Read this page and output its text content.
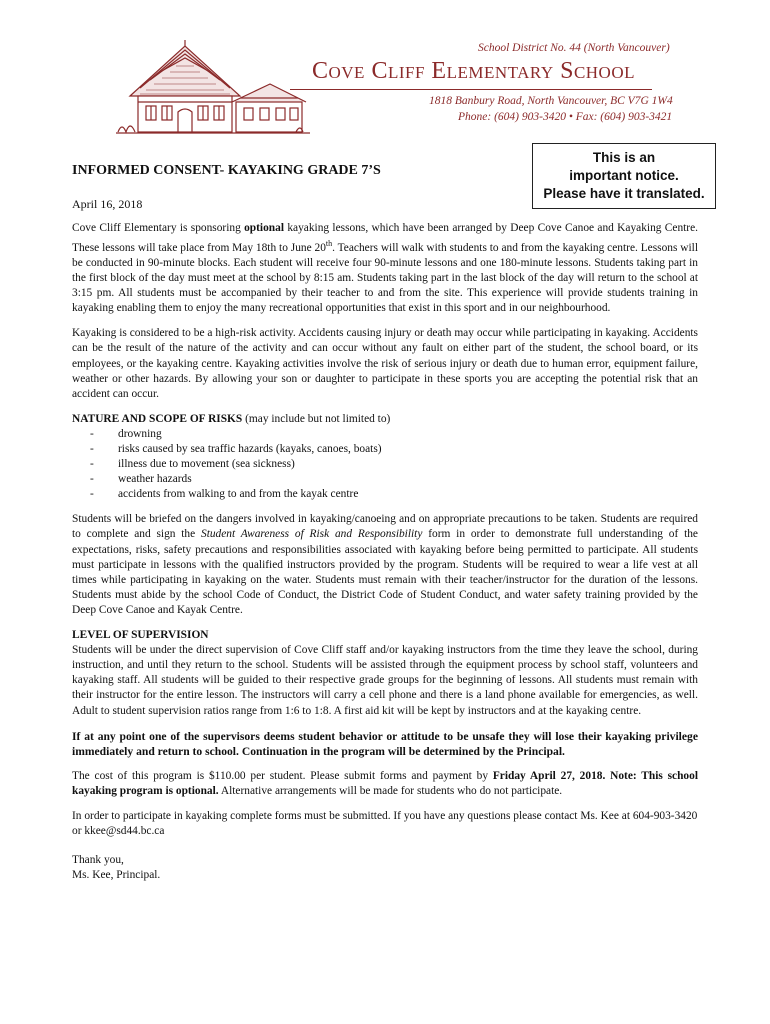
School District No. 44 (North Vancouver)
Cove Cliff Elementary School
1818 Banbury Road, North Vancouver, BC V7G 1W4
Phone: (604) 903-3420 • Fax: (604) 903-3421
This is an
important notice.
Please have it translated.
INFORMED CONSENT- KAYAKING GRADE 7’S
April 16, 2018

Cove Cliff Elementary is sponsoring optional kayaking lessons, which have been arranged by Deep Cove Canoe and Kayaking Centre. These lessons will take place from May 18th to June 20th. Teachers will walk with students to and from the kayaking centre. Lessons will be conducted in 90-minute blocks. Each student will receive four 90-minute lessons and one 180-minute lessons. Students taking part in the first block of the day must meet at the school by 8:15 am. Students taking part in the last block of the day will return to the school at 3:15 pm. All students must be accompanied by their teacher to and from the site. This experience will provide students training in kayaking enabling them to enjoy the many recreational opportunities that exist in this sport and in our neighbourhood.

Kayaking is considered to be a high-risk activity. Accidents causing injury or death may occur while participating in kayaking. Accidents can be the result of the nature of the activity and can occur without any fault on either part of the student, the school board, or its employees, or the kayaking centre. Kayaking activities involve the risk of serious injury or death due to human error, equipment failure, weather or other hazards. By allowing your son or daughter to participate in these sports you are accepting the potential risk that an accident can occur.

NATURE AND SCOPE OF RISKS (may include but not limited to)
- drowning
- risks caused by sea traffic hazards (kayaks, canoes, boats)
- illness due to movement (sea sickness)
- weather hazards
- accidents from walking to and from the kayak centre

Students will be briefed on the dangers involved in kayaking/canoeing and on appropriate precautions to be taken. Students are required to complete and sign the Student Awareness of Risk and Responsibility form in order to demonstrate full understanding of the expectations, risks, safety precautions and responsibilities associated with kayaking before being permitted to participate. All students must participate in lessons with the qualified instructors provided by the program. Students will be required to wear a life vest at all times while participating in kayaking on the water. Students must remain with their teacher/instructor for the duration of the lessons. Students must abide by the school Code of Conduct, the District Code of Student Conduct, and water safety training provided by the Deep Cove Canoe and Kayak Centre.

LEVEL OF SUPERVISION

Students will be under the direct supervision of Cove Cliff staff and/or kayaking instructors from the time they leave the school, during instruction, and until they return to the school. Students will be assisted through the equipment process by school staff, volunteers and kayaking staff. All students will be guided to their respective grade groups for the beginning of lessons. All students must remain with their instructor for the entire lesson. The instructors will carry a cell phone and there is a land phone available for emergencies, as well. Adult to student supervision ratios range from 1:6 to 1:8. A first aid kit will be kept by instructors and at the kayaking centre.

If at any point one of the supervisors deems student behavior or attitude to be unsafe they will lose their kayaking privilege immediately and return to school. Continuation in the program will be determined by the Principal.

The cost of this program is $110.00 per student. Please submit forms and payment by Friday April 27, 2018. Note: This school kayaking program is optional. Alternative arrangements will be made for students who do not participate.

In order to participate in kayaking complete forms must be submitted. If you have any questions please contact Ms. Kee at 604-903-3420 or kkee@sd44.bc.ca

Thank you,
Ms. Kee, Principal.
